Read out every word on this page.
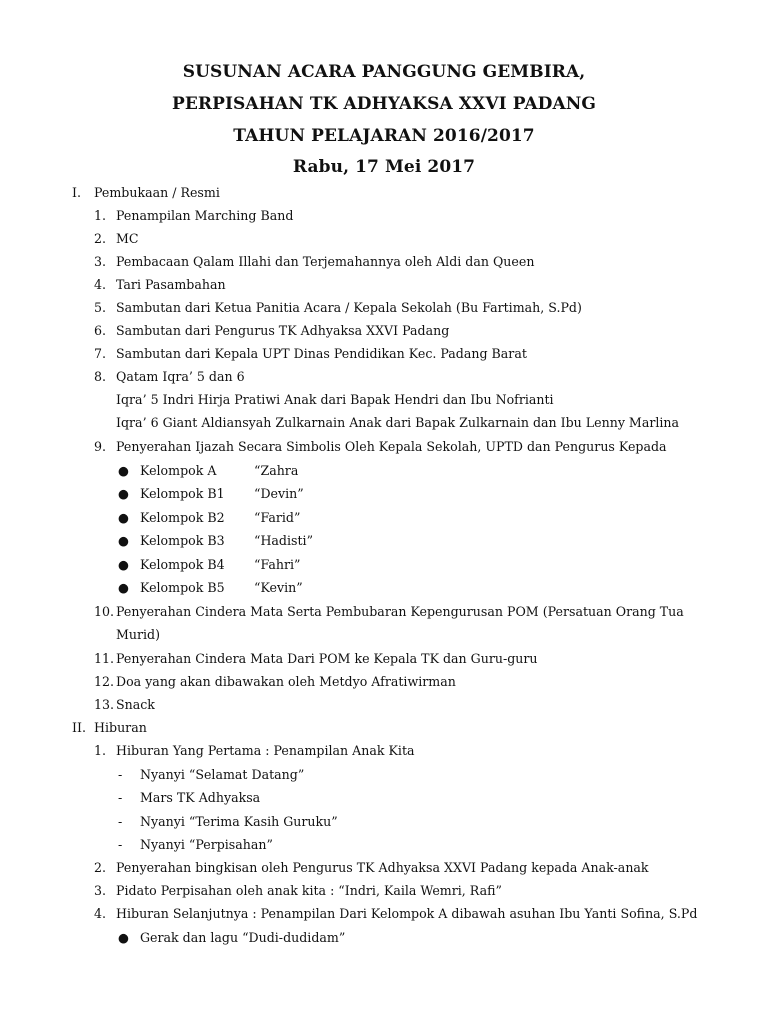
SUSUNAN ACARA PANGGUNG GEMBIRA,
PERPISAHAN TK ADHYAKSA XXVI PADANG
TAHUN PELAJARAN 2016/2017
Rabu, 17 Mei 2017
I. Pembukaan / Resmi
1. Penampilan Marching Band
2. MC
3. Pembacaan Qalam Illahi dan Terjemahannya oleh Aldi dan Queen
4. Tari Pasambahan
5. Sambutan dari Ketua Panitia Acara / Kepala Sekolah (Bu Fartimah, S.Pd)
6. Sambutan dari Pengurus TK Adhyaksa XXVI Padang
7. Sambutan dari Kepala UPT Dinas Pendidikan Kec. Padang Barat
8. Qatam Iqra’ 5 dan 6
Iqra’ 5 Indri Hirja Pratiwi Anak dari Bapak Hendri dan Ibu Nofrianti
Iqra’ 6 Giant Aldiansyah Zulkarnain Anak dari Bapak Zulkarnain dan Ibu Lenny Marlina
9. Penyerahan Ijazah Secara Simbolis Oleh Kepala Sekolah, UPTD dan Pengurus Kepada
● Kelompok A	“Zahra
● Kelompok B1 “Devin”
● Kelompok B2 “Farid”
● Kelompok B3 “Hadisti”
● Kelompok B4 “Fahri”
● Kelompok B5 “Kevin”
10. Penyerahan Cindera Mata Serta Pembubaran Kepengurusan POM (Persatuan Orang Tua
Murid)
11. Penyerahan Cindera Mata Dari POM ke Kepala TK dan Guru-guru
12. Doa yang akan dibawakan oleh Metdyo Afratiwirman
13. Snack
II. Hiburan
1. Hiburan Yang Pertama : Penampilan Anak Kita
- Nyanyi “Selamat Datang”
- Mars TK Adhyaksa
- Nyanyi “Terima Kasih Guruku”
- Nyanyi “Perpisahan”
2. Penyerahan bingkisan oleh Pengurus TK Adhyaksa XXVI Padang kepada Anak-anak
3. Pidato Perpisahan oleh anak kita : “Indri, Kaila Wemri, Rafi”
4. Hiburan Selanjutnya : Penampilan Dari Kelompok A dibawah asuhan Ibu Yanti Sofina, S.Pd
● Gerak dan lagu “Dudi-dudidam”
